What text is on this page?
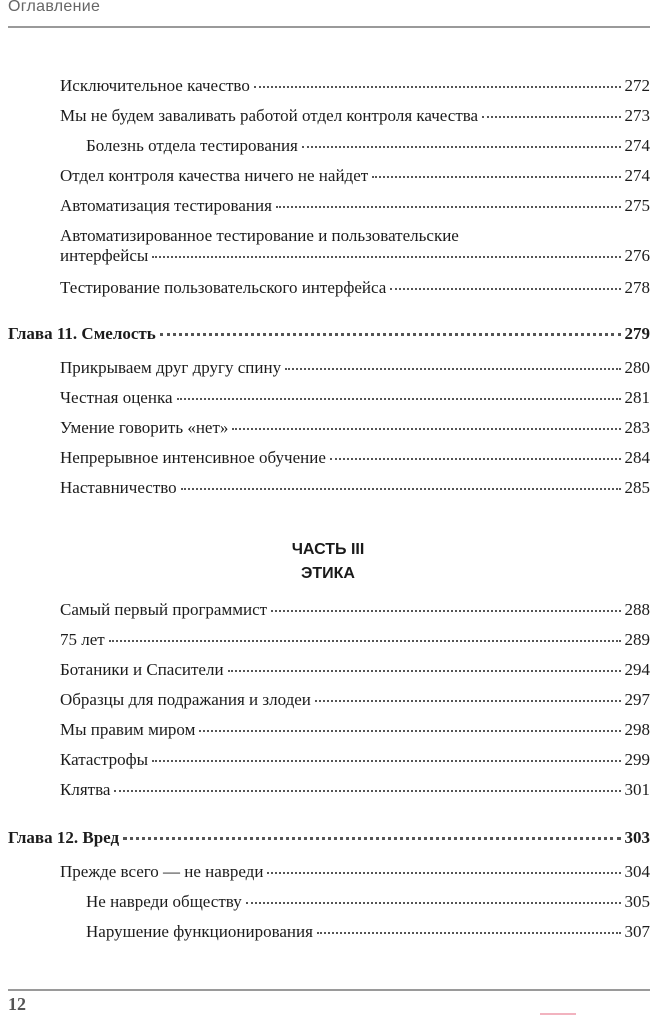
Оглавление
Исключительное качество	272
Мы не будем заваливать работой отдел контроля качества	273
Болезнь отдела тестирования	274
Отдел контроля качества ничего не найдет	274
Автоматизация тестирования	275
Автоматизированное тестирование и пользовательские
интерфейсы	276
Тестирование пользовательского интерфейса	278
Глава 11. Смелость	279
Прикрываем друг другу спину	280
Честная оценка	281
Умение говорить «нет»	283
Непрерывное интенсивное обучение	284
Наставничество	285
ЧАСТЬ III
ЭТИКА
Самый первый программист	288
75 лет	289
Ботаники и Спасители	294
Образцы для подражания и злодеи	297
Мы правим миром	298
Катастрофы	299
Клятва	301
Глава 12. Вред	303
Прежде всего — не навреди	304
Не навреди обществу	305
Нарушение функционирования	307
12
